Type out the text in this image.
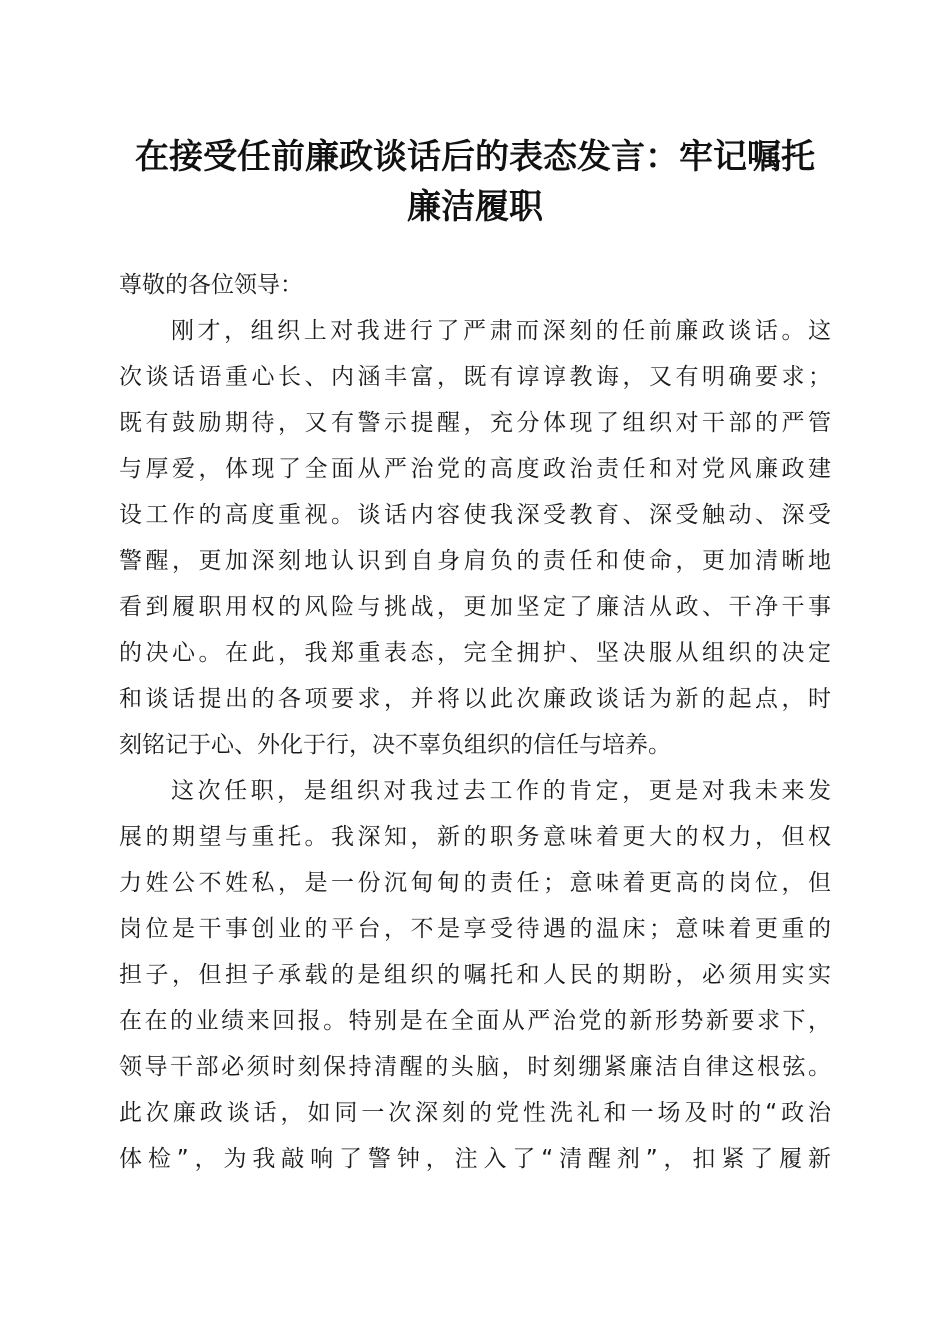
在接受任前廉政谈话后的表态发言：牢记嘱托
廉洁履职

尊敬的各位领导：

刚才，组织上对我进行了严肃而深刻的任前廉政谈话。这
次谈话语重心长、内涵丰富，既有谆谆教诲，又有明确要求；
既有鼓励期待，又有警示提醒，充分体现了组织对干部的严管
与厚爱，体现了全面从严治党的高度政治责任和对党风廉政建
设工作的高度重视。谈话内容使我深受教育、深受触动、深受
警醒，更加深刻地认识到自身肩负的责任和使命，更加清晰地
看到履职用权的风险与挑战，更加坚定了廉洁从政、干净干事
的决心。在此，我郑重表态，完全拥护、坚决服从组织的决定
和谈话提出的各项要求，并将以此次廉政谈话为新的起点，时
刻铭记于心、外化于行，决不辜负组织的信任与培养。

这次任职，是组织对我过去工作的肯定，更是对我未来发
展的期望与重托。我深知，新的职务意味着更大的权力，但权
力姓公不姓私，是一份沉甸甸的责任；意味着更高的岗位，但
岗位是干事创业的平台，不是享受待遇的温床；意味着更重的
担子，但担子承载的是组织的嘱托和人民的期盼，必须用实实
在在的业绩来回报。特别是在全面从严治党的新形势新要求下，
领导干部必须时刻保持清醒的头脑，时刻绷紧廉洁自律这根弦。
此次廉政谈话，如同一次深刻的党性洗礼和一场及时的“政治
体检”，为我敲响了警钟，注入了“清醒剂”，扣紧了履新
